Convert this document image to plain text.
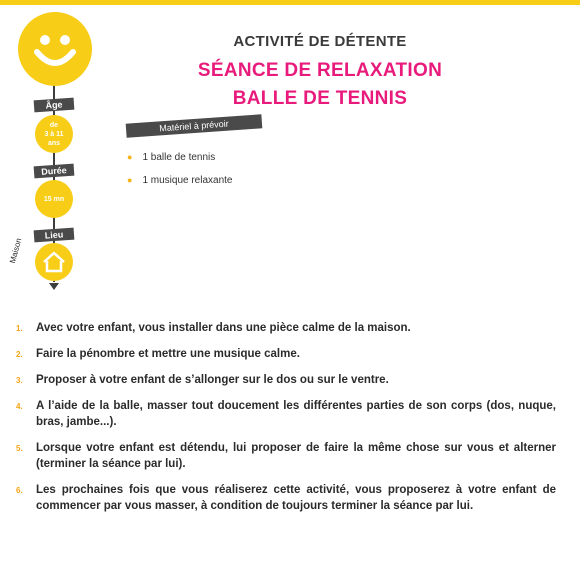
Âge
de
3 à 11
ans
Durée
15 mn
Lieu
Maison
ACTIVITÉ DE DÉTENTE
SÉANCE DE RELAXATION
BALLE DE TENNIS
Matériel à prévoir
● 1 balle de tennis
● 1 musique relaxante
1. Avec votre enfant, vous installer dans une pièce calme de la maison.
2. Faire la pénombre et mettre une musique calme.
3. Proposer à votre enfant de s’allonger sur le dos ou sur le ventre.
4. A l’aide de la balle, masser tout doucement les différentes parties de son corps (dos, nuque, bras, jambe...).
5. Lorsque votre enfant est détendu, lui proposer de faire la même chose sur vous et alterner (terminer la séance par lui).
6. Les prochaines fois que vous réaliserez cette activité, vous proposerez à votre enfant de commencer par vous masser, à condition de toujours terminer la séance par lui.
